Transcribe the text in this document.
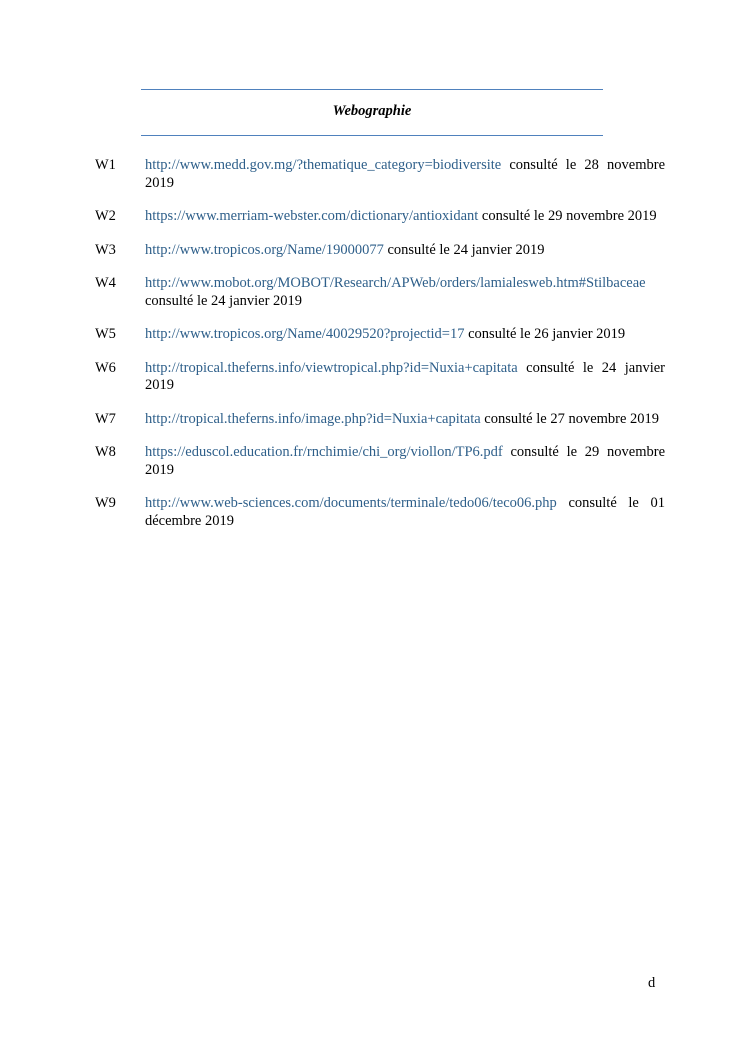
Webographie
W1 http://www.medd.gov.mg/?thematique_category=biodiversite consulté le 28 novembre 2019
W2 https://www.merriam-webster.com/dictionary/antioxidant consulté le 29 novembre 2019
W3 http://www.tropicos.org/Name/19000077 consulté le 24 janvier 2019
W4 http://www.mobot.org/MOBOT/Research/APWeb/orders/lamialesweb.htm#Stilbaceae consulté le 24 janvier 2019
W5 http://www.tropicos.org/Name/40029520?projectid=17 consulté le 26 janvier 2019
W6 http://tropical.theferns.info/viewtropical.php?id=Nuxia+capitata consulté le 24 janvier 2019
W7 http://tropical.theferns.info/image.php?id=Nuxia+capitata consulté le 27 novembre 2019
W8 https://eduscol.education.fr/rnchimie/chi_org/viollon/TP6.pdf consulté le 29 novembre 2019
W9 http://www.web-sciences.com/documents/terminale/tedo06/teco06.php consulté le 01 décembre 2019
d
